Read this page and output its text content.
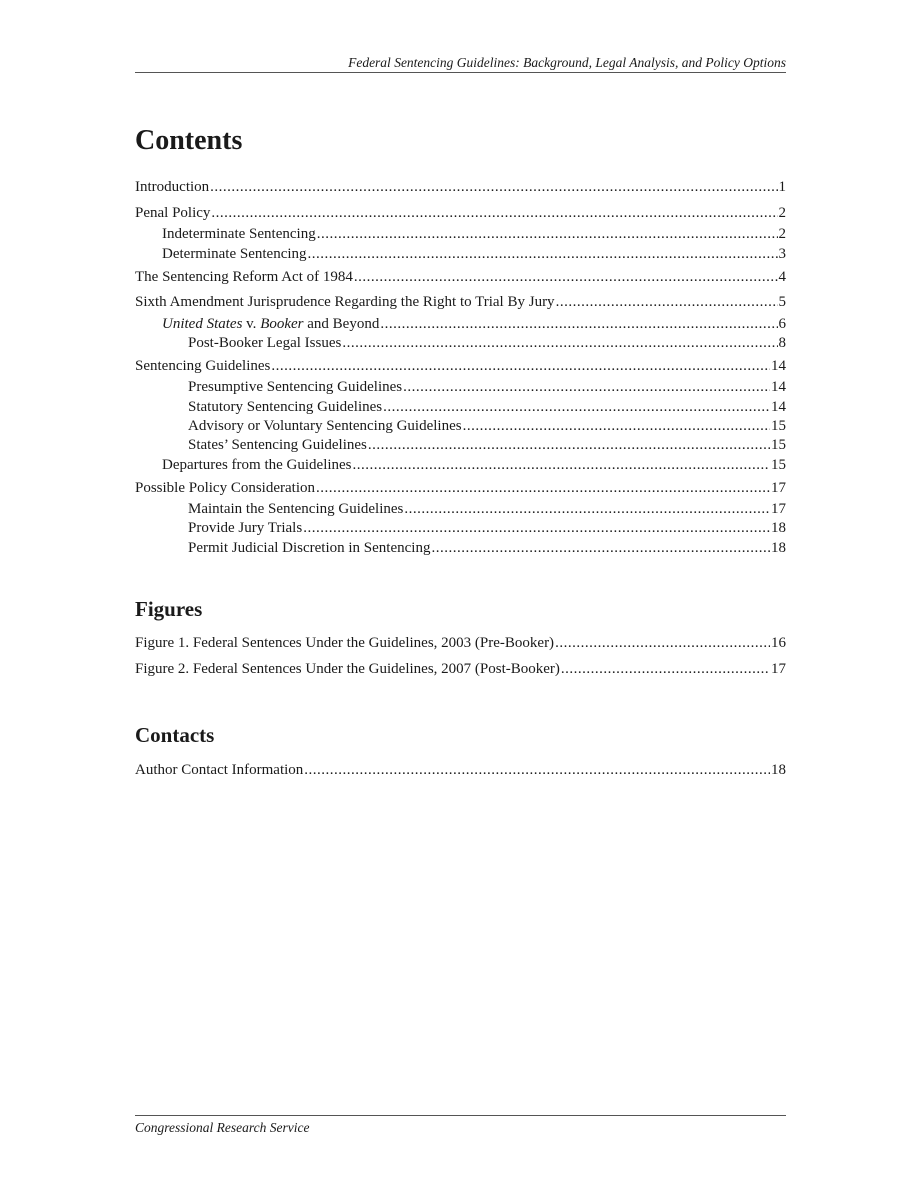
Federal Sentencing Guidelines: Background, Legal Analysis, and Policy Options
Contents
Introduction .....	1
Penal Policy .....	2
Indeterminate Sentencing .....	2
Determinate Sentencing .....	3
The Sentencing Reform Act of 1984 .....	4
Sixth Amendment Jurisprudence Regarding the Right to Trial By Jury .....	5
United States v. Booker and Beyond .....	6
Post-Booker Legal Issues .....	8
Sentencing Guidelines .....	14
Presumptive Sentencing Guidelines .....	14
Statutory Sentencing Guidelines .....	14
Advisory or Voluntary Sentencing Guidelines .....	15
States’ Sentencing Guidelines .....	15
Departures from the Guidelines .....	15
Possible Policy Consideration .....	17
Maintain the Sentencing Guidelines .....	17
Provide Jury Trials .....	18
Permit Judicial Discretion in Sentencing .....	18
Figures
Figure 1. Federal Sentences Under the Guidelines, 2003 (Pre-Booker) .....	16
Figure 2. Federal Sentences Under the Guidelines, 2007 (Post-Booker) .....	17
Contacts
Author Contact Information .....	18
Congressional Research Service
